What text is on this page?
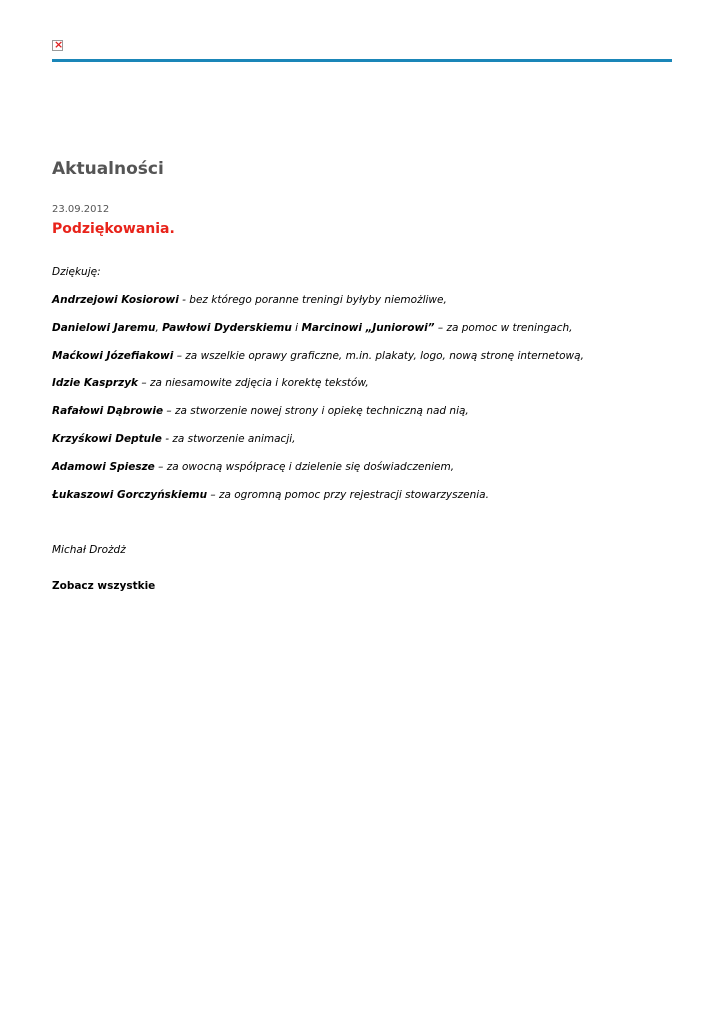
×
Aktualności
23.09.2012
Podziękowania.
Dziękuję:
Andrzejowi Kosiorowi - bez którego poranne treningi byłyby niemożliwe,
Danielowi Jaremu, Pawłowi Dyderskiemu i Marcinowi „Juniorowi” – za pomoc w treningach,
Maćkowi Józefiakowi – za wszelkie oprawy graficzne, m.in. plakaty, logo, nową stronę internetową,
Idzie Kasprzyk – za niesamowite zdjęcia i korektę tekstów,
Rafałowi Dąbrowie – za stworzenie nowej strony i opiekę techniczną nad nią,
Krzyśkowi Deptule - za stworzenie animacji,
Adamowi Spiesze – za owocną współpracę i dzielenie się doświadczeniem,
Łukaszowi Gorczyńskiemu – za ogromną pomoc przy rejestracji stowarzyszenia.
Michał Drożdż
Zobacz wszystkie
